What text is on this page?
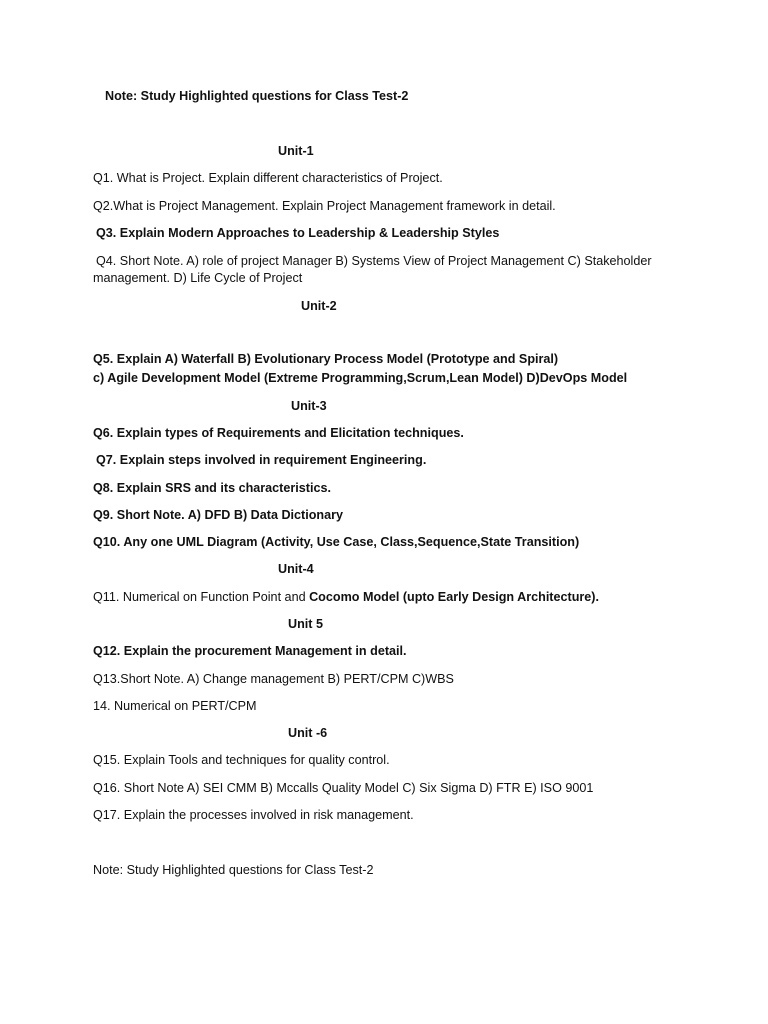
Note: Study Highlighted questions for Class Test-2
Unit-1
Q1. What is Project. Explain different characteristics of Project.
Q2.What is Project Management. Explain Project Management framework in detail.
Q3. Explain Modern Approaches to Leadership & Leadership Styles
Q4. Short Note. A) role of project Manager B) Systems View of Project Management C) Stakeholder management. D) Life Cycle of Project
Unit-2
Q5. Explain A) Waterfall B) Evolutionary Process Model (Prototype and Spiral)
c) Agile Development Model (Extreme Programming,Scrum,Lean Model) D)DevOps Model
Unit-3
Q6. Explain types of Requirements and Elicitation techniques.
Q7. Explain steps involved in requirement Engineering.
Q8. Explain SRS and its characteristics.
Q9. Short Note. A) DFD B) Data Dictionary
Q10. Any one UML Diagram (Activity, Use Case, Class,Sequence,State Transition)
Unit-4
Q11. Numerical on Function Point and Cocomo Model (upto Early Design Architecture).
Unit 5
Q12. Explain the procurement Management in detail.
Q13.Short Note. A) Change management B) PERT/CPM C)WBS
14. Numerical on PERT/CPM
Unit -6
Q15. Explain Tools and techniques for quality control.
Q16. Short Note A) SEI CMM B) Mccalls Quality Model C) Six Sigma D) FTR E) ISO 9001
Q17. Explain the processes involved in risk management.
Note: Study Highlighted questions for Class Test-2
